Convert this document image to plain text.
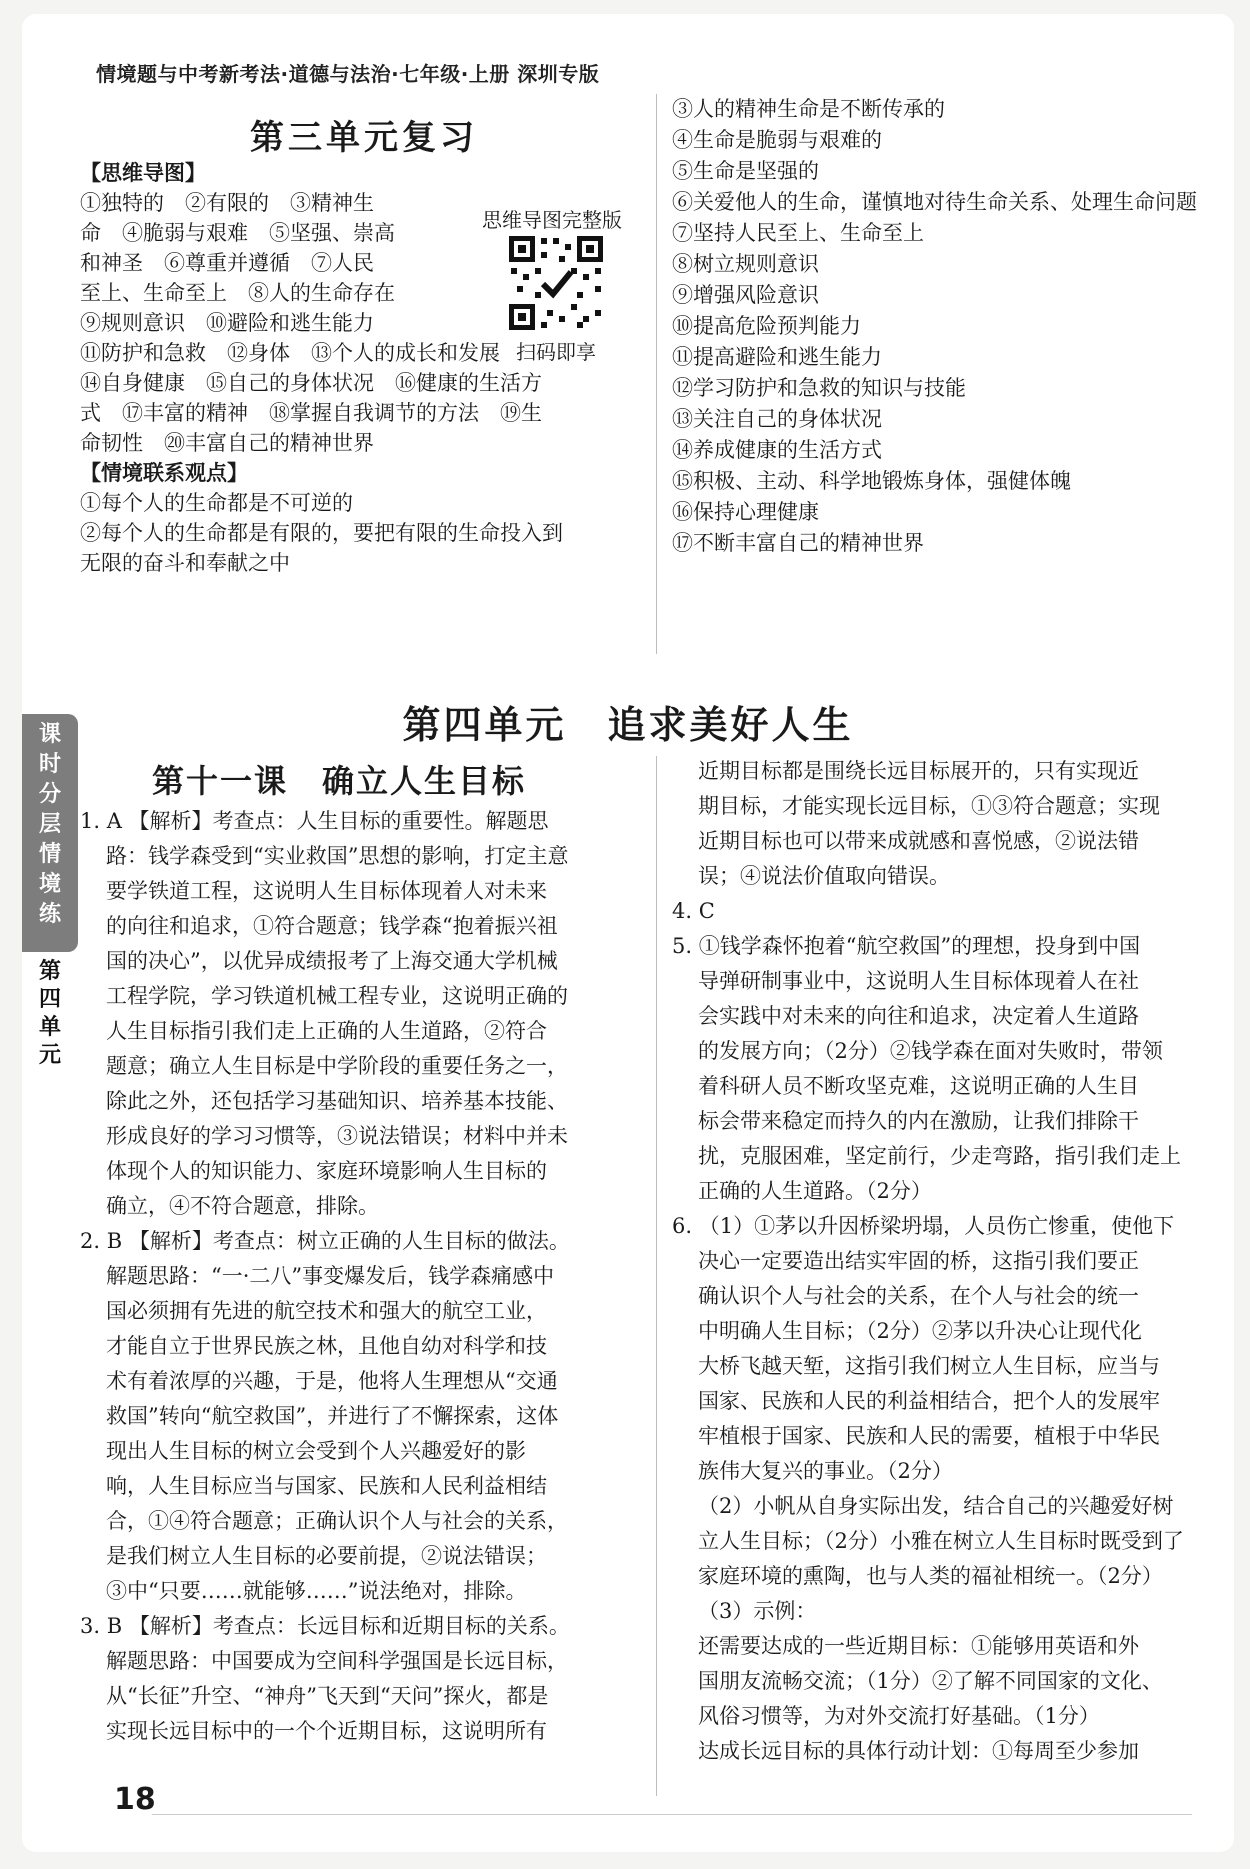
情境题与中考新考法·道德与法治·七年级·上册 深圳专版
第三单元复习
【思维导图】
①独特的　②有限的　③精神生
命　④脆弱与艰难　⑤坚强、崇高
和神圣　⑥尊重并遵循　⑦人民
至上、生命至上　⑧人的生命存在
⑨规则意识　⑩避险和逃生能力
⑪防护和急救　⑫身体　⑬个人的成长和发展
⑭自身健康　⑮自己的身体状况　⑯健康的生活方
式　⑰丰富的精神　⑱掌握自我调节的方法　⑲生
命韧性　⑳丰富自己的精神世界
思维导图完整版
扫码即享
【情境联系观点】
①每个人的生命都是不可逆的
②每个人的生命都是有限的，要把有限的生命投入到
无限的奋斗和奉献之中
③人的精神生命是不断传承的
④生命是脆弱与艰难的
⑤生命是坚强的
⑥关爱他人的生命，谨慎地对待生命关系、处理生命问题
⑦坚持人民至上、生命至上
⑧树立规则意识
⑨增强风险意识
⑩提高危险预判能力
⑪提高避险和逃生能力
⑫学习防护和急救的知识与技能
⑬关注自己的身体状况
⑭养成健康的生活方式
⑮积极、主动、科学地锻炼身体，强健体魄
⑯保持心理健康
⑰不断丰富自己的精神世界
第四单元　追求美好人生
第十一课　确立人生目标
课
时
分
层
情
境
练
第
四
单
元
1. A 【解析】考查点：人生目标的重要性。解题思
路：钱学森受到“实业救国”思想的影响，打定主意
要学铁道工程，这说明人生目标体现着人对未来
的向往和追求，①符合题意；钱学森“抱着振兴祖
国的决心”，以优异成绩报考了上海交通大学机械
工程学院，学习铁道机械工程专业，这说明正确的
人生目标指引我们走上正确的人生道路，②符合
题意；确立人生目标是中学阶段的重要任务之一，
除此之外，还包括学习基础知识、培养基本技能、
形成良好的学习习惯等，③说法错误；材料中并未
体现个人的知识能力、家庭环境影响人生目标的
确立，④不符合题意，排除。
2. B 【解析】考查点：树立正确的人生目标的做法。
解题思路：“一·二八”事变爆发后，钱学森痛感中
国必须拥有先进的航空技术和强大的航空工业，
才能自立于世界民族之林，且他自幼对科学和技
术有着浓厚的兴趣，于是，他将人生理想从“交通
救国”转向“航空救国”，并进行了不懈探索，这体
现出人生目标的树立会受到个人兴趣爱好的影
响，人生目标应当与国家、民族和人民利益相结
合，①④符合题意；正确认识个人与社会的关系，
是我们树立人生目标的必要前提，②说法错误；
③中“只要……就能够……”说法绝对，排除。
3. B 【解析】考查点：长远目标和近期目标的关系。
解题思路：中国要成为空间科学强国是长远目标，
从“长征”升空、“神舟”飞天到“天问”探火，都是
实现长远目标中的一个个近期目标，这说明所有
近期目标都是围绕长远目标展开的，只有实现近
期目标，才能实现长远目标，①③符合题意；实现
近期目标也可以带来成就感和喜悦感，②说法错
误；④说法价值取向错误。
4. C
5. ①钱学森怀抱着“航空救国”的理想，投身到中国
导弹研制事业中，这说明人生目标体现着人在社
会实践中对未来的向往和追求，决定着人生道路
的发展方向；（2分）②钱学森在面对失败时，带领
着科研人员不断攻坚克难，这说明正确的人生目
标会带来稳定而持久的内在激励，让我们排除干
扰，克服困难，坚定前行，少走弯路，指引我们走上
正确的人生道路。（2分）
6. （1）①茅以升因桥梁坍塌，人员伤亡惨重，使他下
决心一定要造出结实牢固的桥，这指引我们要正
确认识个人与社会的关系，在个人与社会的统一
中明确人生目标；（2分）②茅以升决心让现代化
大桥飞越天堑，这指引我们树立人生目标，应当与
国家、民族和人民的利益相结合，把个人的发展牢
牢植根于国家、民族和人民的需要，植根于中华民
族伟大复兴的事业。（2分）
（2）小帆从自身实际出发，结合自己的兴趣爱好树
立人生目标；（2分）小雅在树立人生目标时既受到了
家庭环境的熏陶，也与人类的福祉相统一。（2分）
（3）示例：
还需要达成的一些近期目标：①能够用英语和外
国朋友流畅交流；（1分）②了解不同国家的文化、
风俗习惯等，为对外交流打好基础。（1分）
达成长远目标的具体行动计划：①每周至少参加
18
